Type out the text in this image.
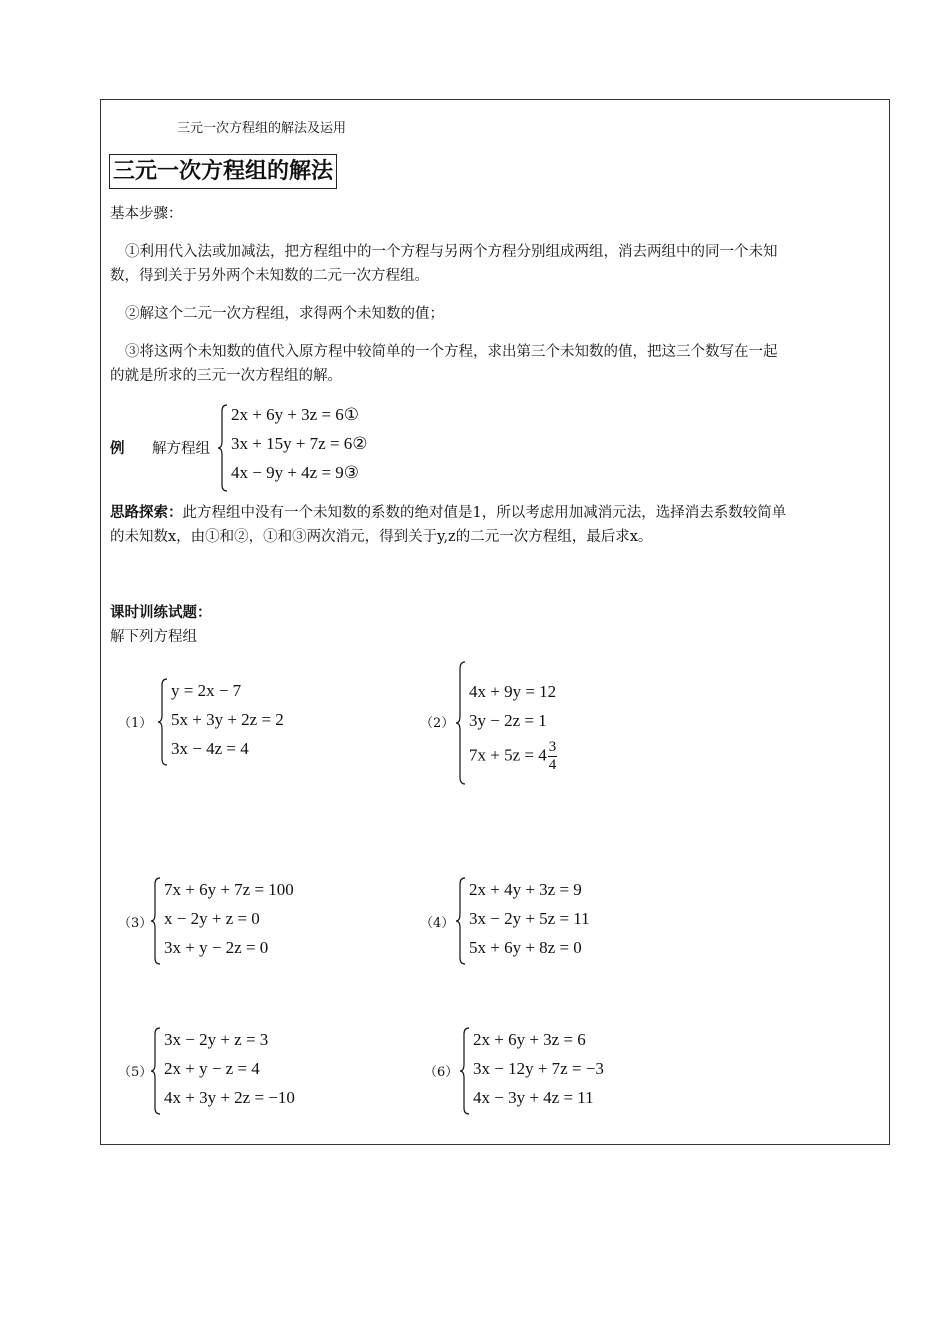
三元一次方程组的解法及运用
三元一次方程组的解法
基本步骤：
①利用代入法或加减法，把方程组中的一个方程与另两个方程分别组成两组，消去两组中的同一个未知
数，得到关于另外两个未知数的二元一次方程组。
②解这个二元一次方程组，求得两个未知数的值；
③将这两个未知数的值代入原方程中较简单的一个方程，求出第三个未知数的值，把这三个数写在一起
的就是所求的三元一次方程组的解。
例 解方程组
2x + 6y + 3z = 6①
3x + 15y + 7z = 6②
4x − 9y + 4z = 9③
思路探索：此方程组中没有一个未知数的系数的绝对值是1，所以考虑用加减消元法，选择消去系数较简单
的未知数x，由①和②，①和③两次消元，得到关于y,z的二元一次方程组，最后求x。
课时训练试题：
解下列方程组
（1）
y = 2x − 7
5x + 3y + 2z = 2
3x − 4z = 4
（2）
4x + 9y = 12
3y − 2z = 1
$7x + 5z = 4 \frac{3}{4}$
（3）
7x + 6y + 7z = 100
x − 2y + z = 0
3x + y − 2z = 0
（4）
2x + 4y + 3z = 9
3x − 2y + 5z = 11
5x + 6y + 8z = 0
（5）
3x − 2y + z = 3
2x + y − z = 4
4x + 3y + 2z = −10
（6）
2x + 6y + 3z = 6
3x − 12y + 7z = −3
4x − 3y + 4z = 11
